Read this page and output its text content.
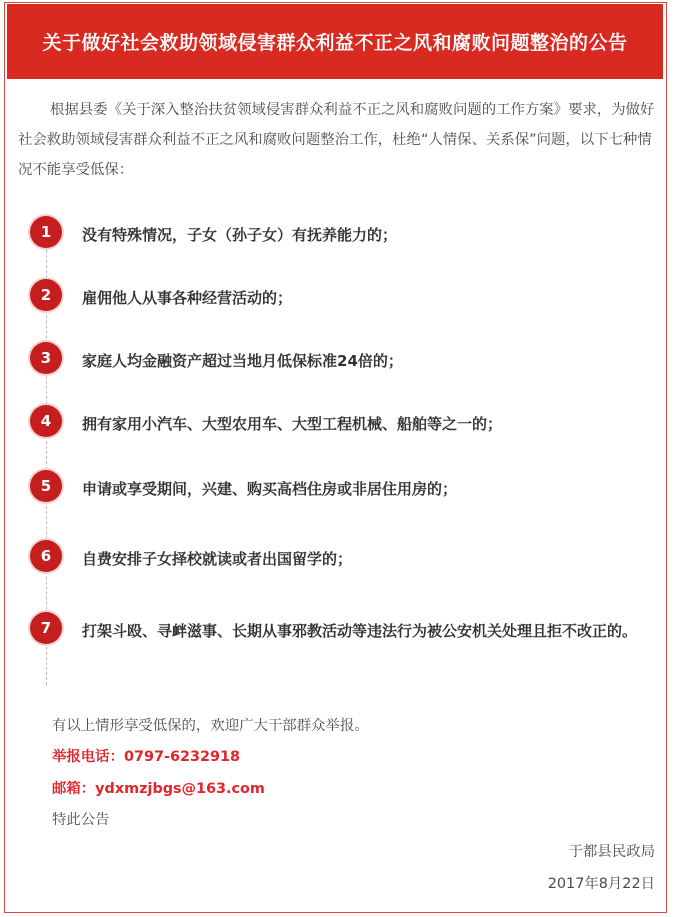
关于做好社会救助领域侵害群众利益不正之风和腐败问题整治的公告

根据县委《关于深入整治扶贫领域侵害群众利益不正之风和腐败问题的工作方案》要求，为做好社会救助领域侵害群众利益不正之风和腐败问题整治工作，杜绝“人情保、关系保”问题，以下七种情况不能享受低保：

1	没有特殊情况，子女（孙子女）有抚养能力的；
2	雇佣他人从事各种经营活动的；
3	家庭人均金融资产超过当地月低保标准24倍的；
4	拥有家用小汽车、大型农用车、大型工程机械、船舶等之一的；
5	申请或享受期间，兴建、购买高档住房或非居住用房的；
6	自费安排子女择校就读或者出国留学的；
7	打架斗殴、寻衅滋事、长期从事邪教活动等违法行为被公安机关处理且拒不改正的。
有以上情形享受低保的，欢迎广大干部群众举报。
举报电话：0797-6232918
邮箱：ydxmzjbgs@163.com
特此公告
于都县民政局
2017年8月22日
